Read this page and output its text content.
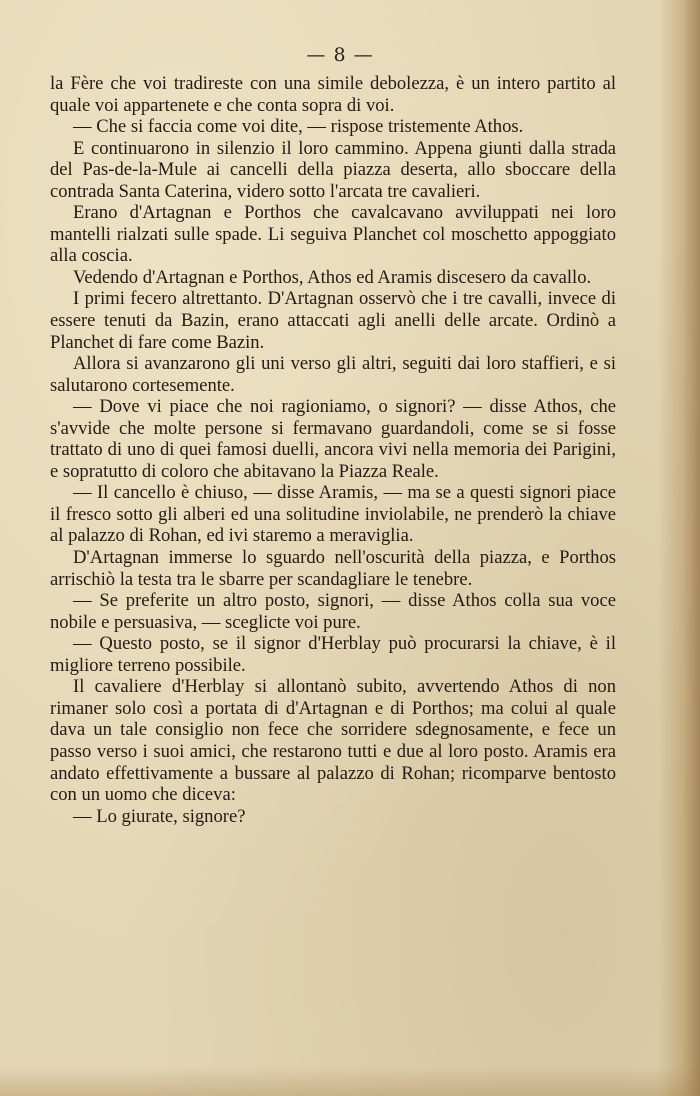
— 8 —

la Fère che voi tradireste con una simile debolezza, è un intero partito al quale voi appartenete e che conta sopra di voi.

— Che si faccia come voi dite, — rispose tristemente Athos.

E continuarono in silenzio il loro cammino. Appena giunti dalla strada del Pas-de-la-Mule ai cancelli della piazza deserta, allo sboccare della contrada Santa Caterina, videro sotto l'arcata tre cavalieri.

Erano d'Artagnan e Porthos che cavalcavano avviluppati nei loro mantelli rialzati sulle spade. Li seguiva Planchet col moschetto appoggiato alla coscia.

Vedendo d'Artagnan e Porthos, Athos ed Aramis discesero da cavallo.

I primi fecero altrettanto. D'Artagnan osservò che i tre cavalli, invece di essere tenuti da Bazin, erano attaccati agli anelli delle arcate. Ordinò a Planchet di fare come Bazin.

Allora si avanzarono gli uni verso gli altri, seguiti dai loro staffieri, e si salutarono cortesemente.

— Dove vi piace che noi ragioniamo, o signori? — disse Athos, che s'avvide che molte persone si fermavano guardandoli, come se si fosse trattato di uno di quei famosi duelli, ancora vivi nella memoria dei Parigini, e sopratutto di coloro che abitavano la Piazza Reale.

— Il cancello è chiuso, — disse Aramis, — ma se a questi signori piace il fresco sotto gli alberi ed una solitudine inviolabile, ne prenderò la chiave al palazzo di Rohan, ed ivi staremo a meraviglia.

D'Artagnan immerse lo sguardo nell'oscurità della piazza, e Porthos arrischiò la testa tra le sbarre per scandagliare le tenebre.

— Se preferite un altro posto, signori, — disse Athos colla sua voce nobile e persuasiva, — sceglicte voi pure.

— Questo posto, se il signor d'Herblay può procurarsi la chiave, è il migliore terreno possibile.

Il cavaliere d'Herblay si allontanò subito, avvertendo Athos di non rimaner solo così a portata di d'Artagnan e di Porthos; ma colui al quale dava un tale consiglio non fece che sorridere sdegnosamente, e fece un passo verso i suoi amici, che restarono tutti e due al loro posto. Aramis era andato effettivamente a bussare al palazzo di Rohan; ricomparve bentosto con un uomo che diceva:

— Lo giurate, signore?
